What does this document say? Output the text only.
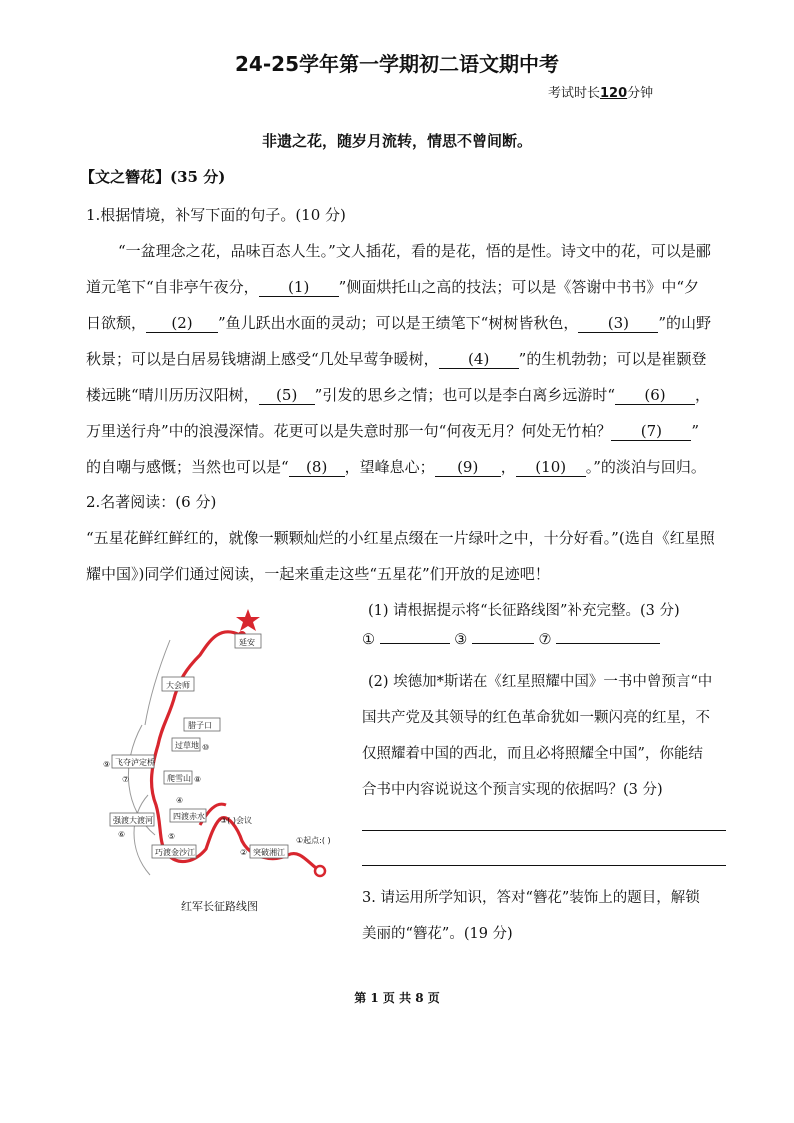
24-25学年第一学期初二语文期中考
考试时长120分钟
非遗之花，随岁月流转，情思不曾间断。
【文之簪花】(35 分)
1.根据情境，补写下面的句子。(10 分)
“一盆理念之花，品味百态人生。”文人插花，看的是花，悟的是性。诗文中的花，可以是郦
道元笔下“自非亭午夜分， (1) ”侧面烘托山之高的技法；可以是《答谢中书书》中“夕
日欲颓， (2) ”鱼儿跃出水面的灵动；可以是王绩笔下“树树皆秋色， (3) ”的山野
秋景；可以是白居易钱塘湖上感受“几处早莺争暖树， (4) ”的生机勃勃；可以是崔颢登
楼远眺“晴川历历汉阳树， (5) ”引发的思乡之情；也可以是李白离乡远游时“ (6) ，
万里送行舟”中的浪漫深情。花更可以是失意时那一句“何夜无月？何处无竹柏？ (7) ”
的自嘲与感慨；当然也可以是“ (8) ，望峰息心； (9) ， (10) 。”的淡泊与回归。
2.名著阅读：(6 分)
“五星花鲜红鲜红的，就像一颗颗灿烂的小红星点缀在一片绿叶之中，十分好看。”(选自《红星照
耀中国》)同学们通过阅读，一起来重走这些“五星花”们开放的足迹吧！
(1) 请根据提示将“长征路线图”补充完整。(3 分)
①	③	⑦
(2) 埃德加*斯诺在《红星照耀中国》一书中曾预言“中
国共产党及其领导的红色革命犹如一颗闪亮的红星，不
仅照耀着中国的西北，而且必将照耀全中国”，你能结
合书中内容说说这个预言实现的依据吗？(3 分)
3. 请运用所学知识，答对“簪花”装饰上的题目，解锁
美丽的“簪花”。(19 分)
延安
大会师
腊子口
过草地 ⑩
⑨ 飞夺泸定桥
爬雪山 ⑧
⑦
④
四渡赤水
强渡大渡河
⑥
③( )会议
⑤
巧渡金沙江	② 突破湘江
①起点:( )
红军长征路线图
第 1 页 共 8 页
